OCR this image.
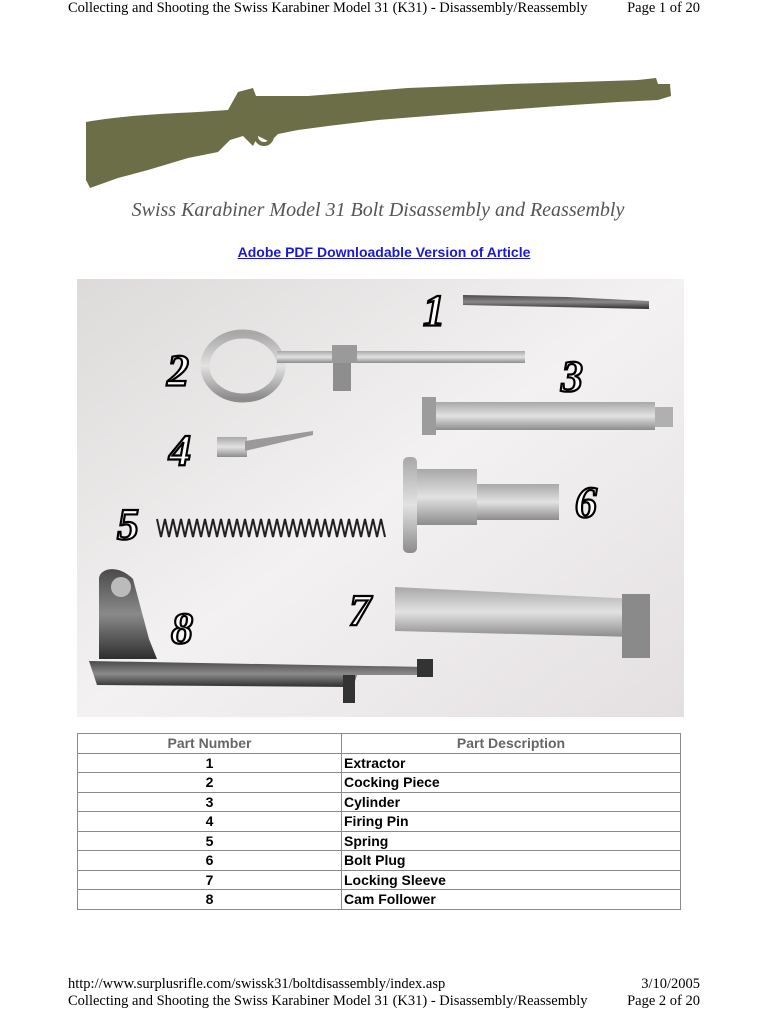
Collecting and Shooting the Swiss Karabiner Model 31 (K31) - Disassembly/Reassembly	Page 1 of 20
Swiss Karabiner Model 31 Bolt Disassembly and Reassembly
Adobe PDF Downloadable Version of Article
1
2	3
4
5	6
7
8
Part Number	Part Description
1	Extractor
2	Cocking Piece
3	Cylinder
4	Firing Pin
5	Spring
6	Bolt Plug
7	Locking Sleeve
8	Cam Follower
http://www.surplusrifle.com/swissk31/boltdisassembly/index.asp	3/10/2005
Collecting and Shooting the Swiss Karabiner Model 31 (K31) - Disassembly/Reassembly	Page 2 of 20
